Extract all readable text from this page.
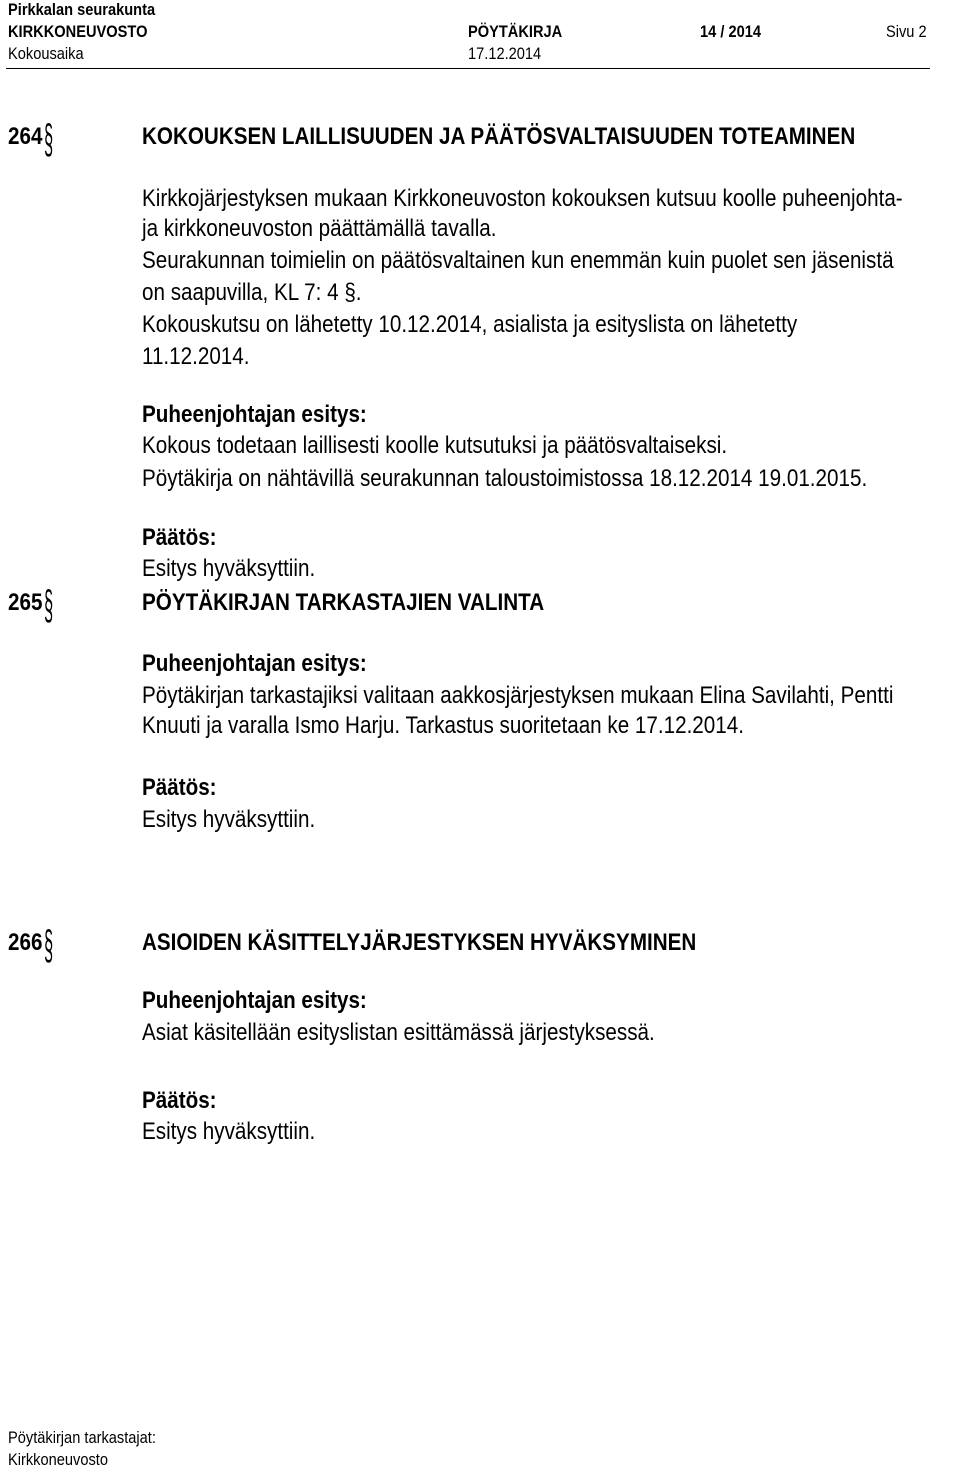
Pirkkalan seurakunta
KIRKKONEUVOSTO	PÖYTÄKIRJA	14 / 2014	Sivu 2
Kokousaika	17.12.2014
264 §	KOKOUKSEN LAILLISUUDEN JA PÄÄTÖSVALTAISUUDEN TOTEAMINEN
Kirkkojärjestyksen mukaan Kirkkoneuvoston kokouksen kutsuu koolle puheenjohta-
ja kirkkoneuvoston päättämällä tavalla.
Seurakunnan toimielin on päätösvaltainen kun enemmän kuin puolet sen jäsenistä
on saapuvilla, KL 7: 4 §.
Kokouskutsu on lähetetty 10.12.2014, asialista ja esityslista on lähetetty
11.12.2014.
Puheenjohtajan esitys:
Kokous todetaan laillisesti koolle kutsutuksi ja päätösvaltaiseksi.
Pöytäkirja on nähtävillä seurakunnan taloustoimistossa 18.12.2014 19.01.2015.
Päätös:
Esitys hyväksyttiin.
265 §	PÖYTÄKIRJAN TARKASTAJIEN VALINTA
Puheenjohtajan esitys:
Pöytäkirjan tarkastajiksi valitaan aakkosjärjestyksen mukaan Elina Savilahti, Pentti
Knuuti ja varalla Ismo Harju. Tarkastus suoritetaan ke 17.12.2014.
Päätös:
Esitys hyväksyttiin.
266 §	ASIOIDEN KÄSITTELYJÄRJESTYKSEN HYVÄKSYMINEN
Puheenjohtajan esitys:
Asiat käsitellään esityslistan esittämässä järjestyksessä.
Päätös:
Esitys hyväksyttiin.
Pöytäkirjan tarkastajat:
Kirkkoneuvosto
